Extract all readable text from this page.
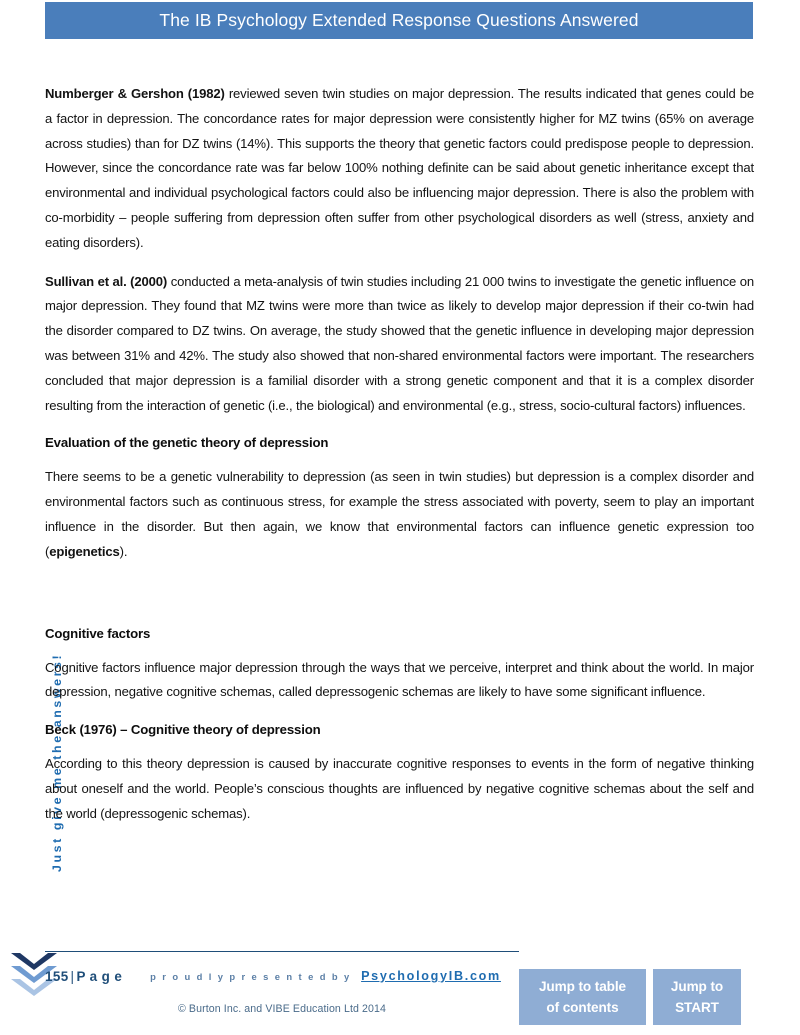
The IB Psychology Extended Response Questions Answered
Just give me the answers!

Numberger & Gershon (1982) reviewed seven twin studies on major depression. The results indicated that genes could be a factor in depression. The concordance rates for major depression were consistently higher for MZ twins (65% on average across studies) than for DZ twins (14%). This supports the theory that genetic factors could predispose people to depression. However, since the concordance rate was far below 100% nothing definite can be said about genetic inheritance except that environmental and individual psychological factors could also be influencing major depression. There is also the problem with co-morbidity – people suffering from depression often suffer from other psychological disorders as well (stress, anxiety and eating disorders).

Sullivan et al. (2000) conducted a meta-analysis of twin studies including 21 000 twins to investigate the genetic influence on major depression. They found that MZ twins were more than twice as likely to develop major depression if their co-twin had the disorder compared to DZ twins. On average, the study showed that the genetic influence in developing major depression was between 31% and 42%. The study also showed that non-shared environmental factors were important. The researchers concluded that major depression is a familial disorder with a strong genetic component and that it is a complex disorder resulting from the interaction of genetic (i.e., the biological) and environmental (e.g., stress, socio-cultural factors) influences.

Evaluation of the genetic theory of depression

There seems to be a genetic vulnerability to depression (as seen in twin studies) but depression is a complex disorder and environmental factors such as continuous stress, for example the stress associated with poverty, seem to play an important influence in the disorder. But then again, we know that environmental factors can influence genetic expression too (epigenetics).

Cognitive factors

Cognitive factors influence major depression through the ways that we perceive, interpret and think about the world. In major depression, negative cognitive schemas, called depressogenic schemas are likely to have some significant influence.

Beck (1976) – Cognitive theory of depression

According to this theory depression is caused by inaccurate cognitive responses to events in the form of negative thinking about oneself and the world. People’s conscious thoughts are influenced by negative cognitive schemas about the self and the world (depressogenic schemas).

155 | P a g e	p r o u d l y p r e s e n t e d b y PsychologyIB.com
© Burton Inc. and VIBE Education Ltd 2014
Jump to table
of contents
Jump to
START
